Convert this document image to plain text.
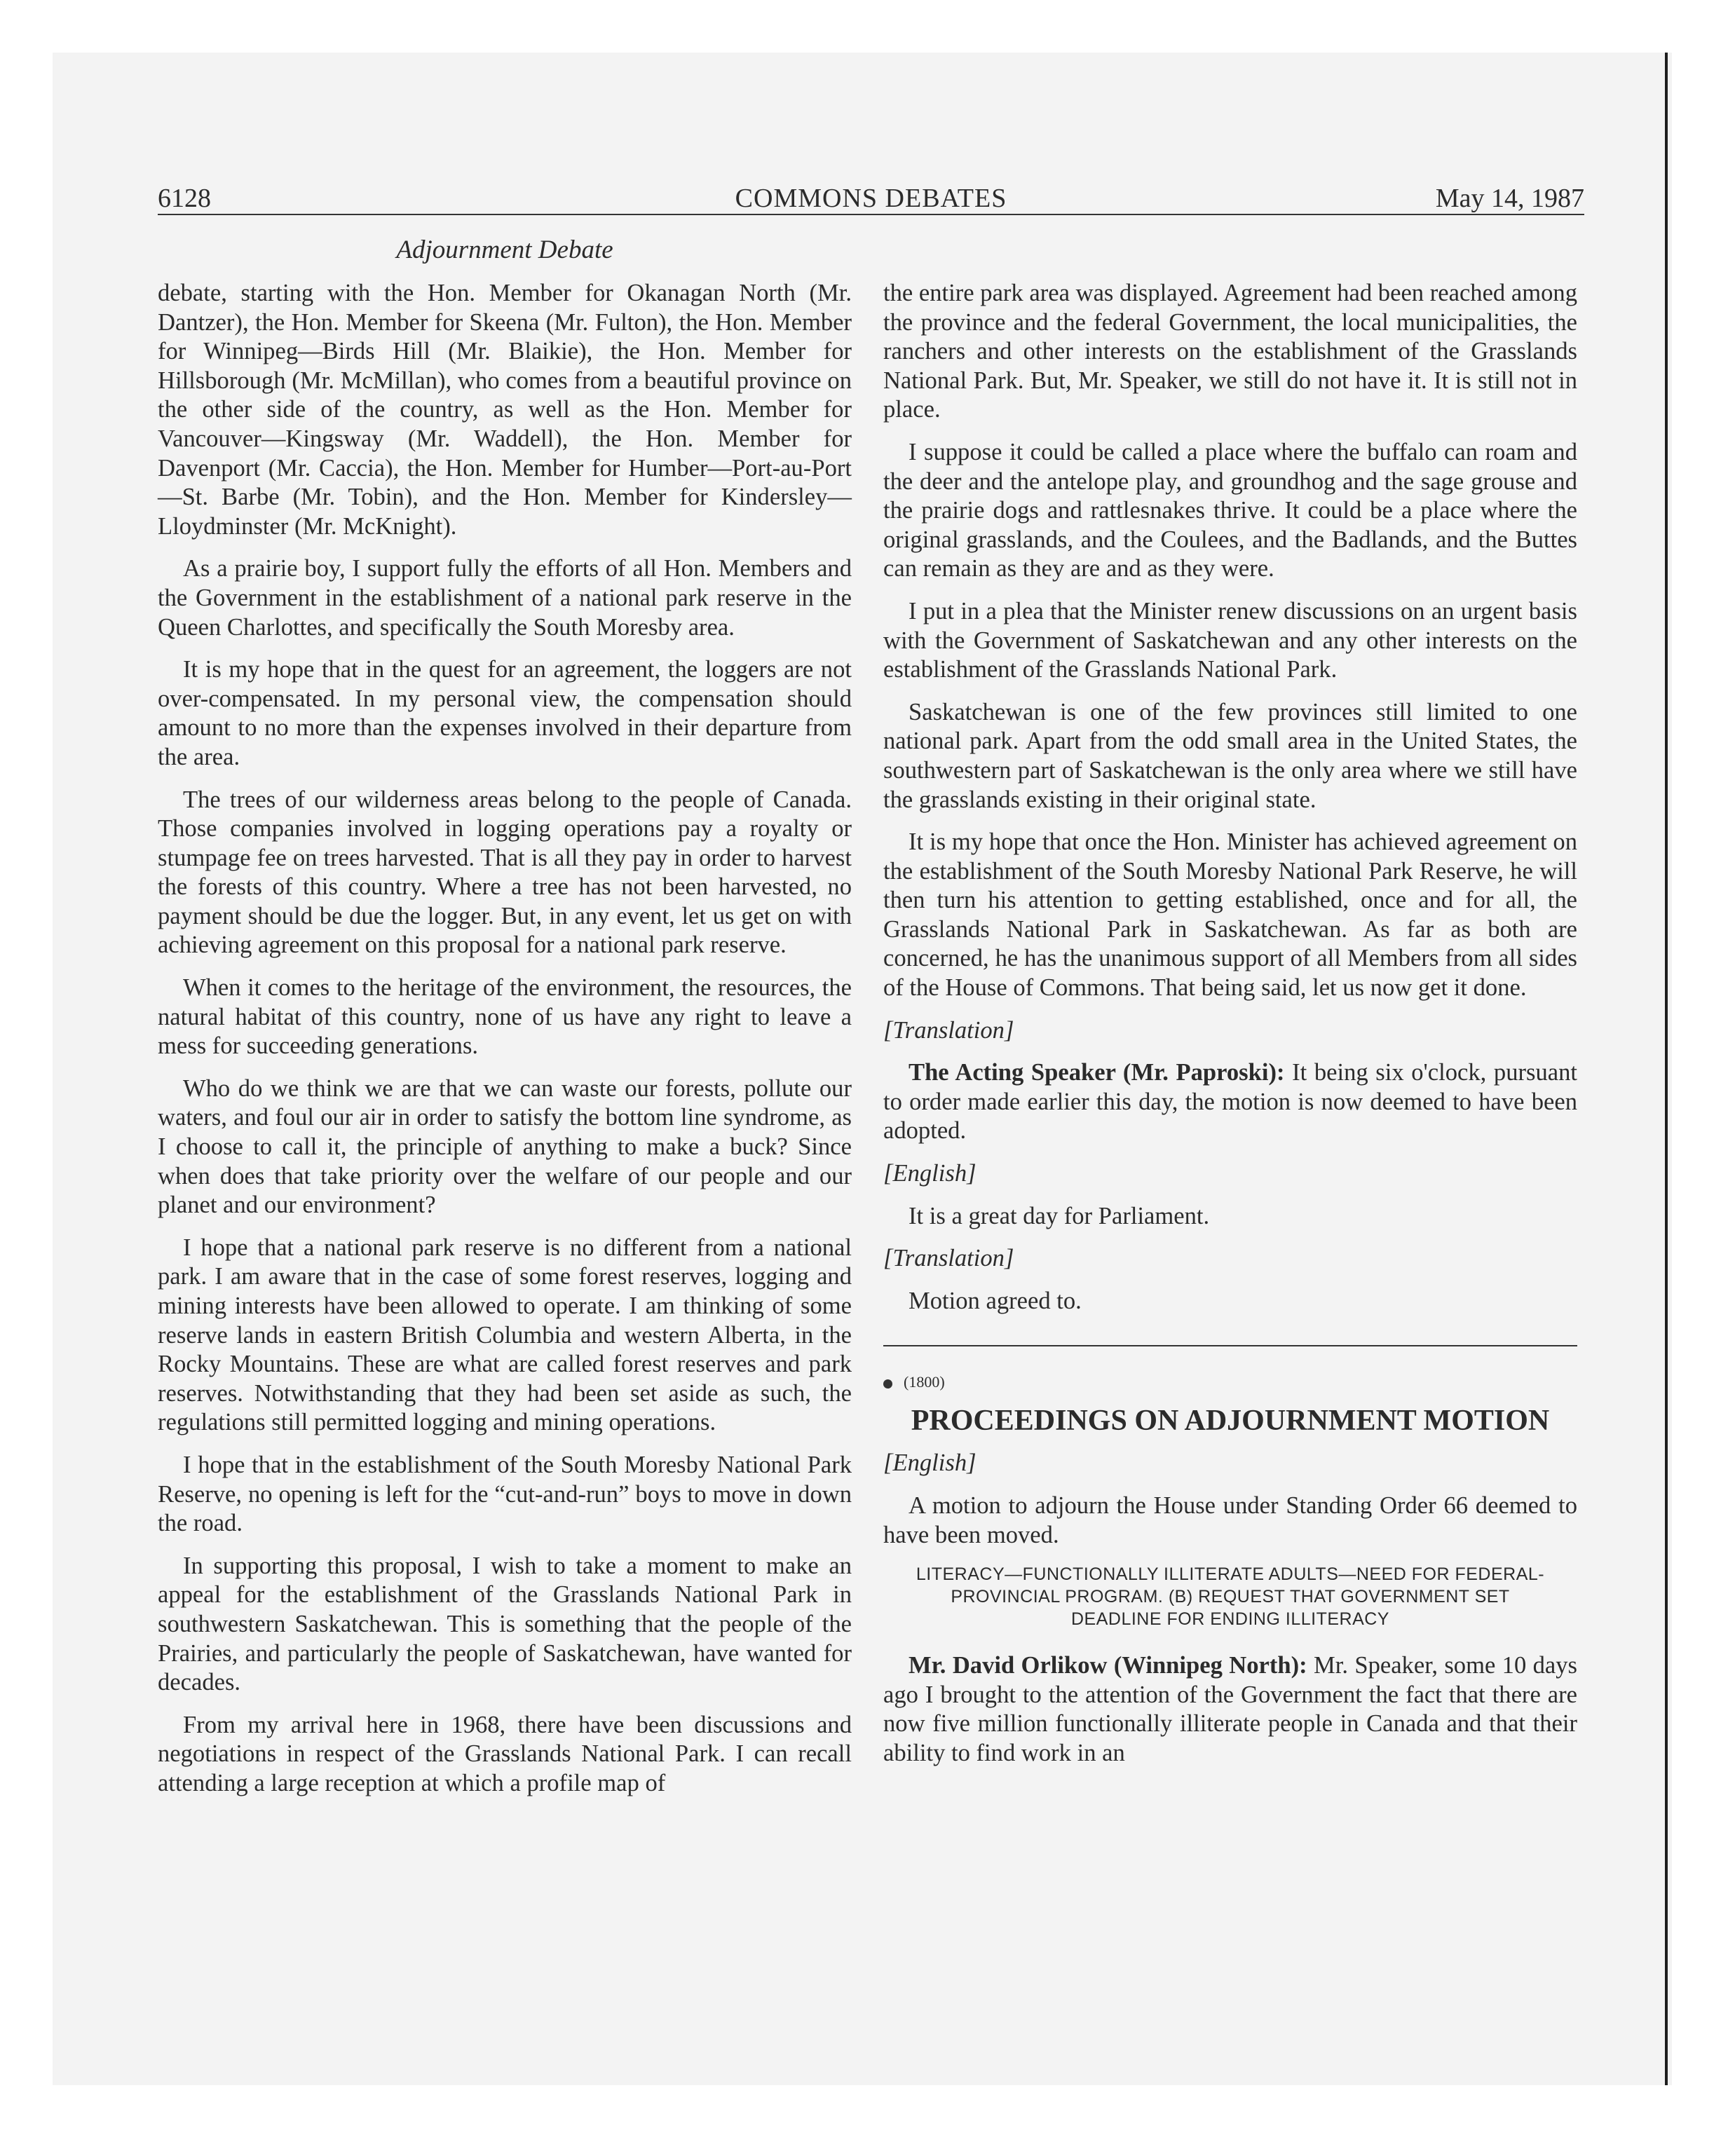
6128	COMMONS DEBATES	May 14, 1987
Adjournment Debate

debate, starting with the Hon. Member for Okanagan North (Mr. Dantzer), the Hon. Member for Skeena (Mr. Fulton), the Hon. Member for Winnipeg—Birds Hill (Mr. Blaikie), the Hon. Member for Hillsborough (Mr. McMillan), who comes from a beautiful province on the other side of the country, as well as the Hon. Member for Vancouver—Kingsway (Mr. Waddell), the Hon. Member for Davenport (Mr. Caccia), the Hon. Member for Humber—Port-au-Port—St. Barbe (Mr. Tobin), and the Hon. Member for Kindersley—Lloydminster (Mr. McKnight).

As a prairie boy, I support fully the efforts of all Hon. Members and the Government in the establishment of a national park reserve in the Queen Charlottes, and specifically the South Moresby area.

It is my hope that in the quest for an agreement, the loggers are not over-compensated. In my personal view, the compensation should amount to no more than the expenses involved in their departure from the area.

The trees of our wilderness areas belong to the people of Canada. Those companies involved in logging operations pay a royalty or stumpage fee on trees harvested. That is all they pay in order to harvest the forests of this country. Where a tree has not been harvested, no payment should be due the logger. But, in any event, let us get on with achieving agreement on this proposal for a national park reserve.

When it comes to the heritage of the environment, the resources, the natural habitat of this country, none of us have any right to leave a mess for succeeding generations.

Who do we think we are that we can waste our forests, pollute our waters, and foul our air in order to satisfy the bottom line syndrome, as I choose to call it, the principle of anything to make a buck? Since when does that take priority over the welfare of our people and our planet and our environment?

I hope that a national park reserve is no different from a national park. I am aware that in the case of some forest reserves, logging and mining interests have been allowed to operate. I am thinking of some reserve lands in eastern British Columbia and western Alberta, in the Rocky Mountains. These are what are called forest reserves and park reserves. Notwithstanding that they had been set aside as such, the regulations still permitted logging and mining operations.

I hope that in the establishment of the South Moresby National Park Reserve, no opening is left for the “cut-and-run” boys to move in down the road.

In supporting this proposal, I wish to take a moment to make an appeal for the establishment of the Grasslands National Park in southwestern Saskatchewan. This is something that the people of the Prairies, and particularly the people of Saskatchewan, have wanted for decades.

From my arrival here in 1968, there have been discussions and negotiations in respect of the Grasslands National Park. I can recall attending a large reception at which a profile map of

the entire park area was displayed. Agreement had been reached among the province and the federal Government, the local municipalities, the ranchers and other interests on the establishment of the Grasslands National Park. But, Mr. Speaker, we still do not have it. It is still not in place.

I suppose it could be called a place where the buffalo can roam and the deer and the antelope play, and groundhog and the sage grouse and the prairie dogs and rattlesnakes thrive. It could be a place where the original grasslands, and the Coulees, and the Badlands, and the Buttes can remain as they are and as they were.

I put in a plea that the Minister renew discussions on an urgent basis with the Government of Saskatchewan and any other interests on the establishment of the Grasslands National Park.

Saskatchewan is one of the few provinces still limited to one national park. Apart from the odd small area in the United States, the southwestern part of Saskatchewan is the only area where we still have the grasslands existing in their original state.

It is my hope that once the Hon. Minister has achieved agreement on the establishment of the South Moresby National Park Reserve, he will then turn his attention to getting established, once and for all, the Grasslands National Park in Saskatchewan. As far as both are concerned, he has the unanimous support of all Members from all sides of the House of Commons. That being said, let us now get it done.

[Translation]

The Acting Speaker (Mr. Paproski): It being six o'clock, pursuant to order made earlier this day, the motion is now deemed to have been adopted.

[English]

It is a great day for Parliament.

[Translation]

Motion agreed to.

(1800)
PROCEEDINGS ON ADJOURNMENT MOTION
[English]

A motion to adjourn the House under Standing Order 66 deemed to have been moved.

LITERACY—FUNCTIONALLY ILLITERATE ADULTS—NEED FOR FEDERAL-PROVINCIAL PROGRAM. (B) REQUEST THAT GOVERNMENT SET DEADLINE FOR ENDING ILLITERACY

Mr. David Orlikow (Winnipeg North): Mr. Speaker, some 10 days ago I brought to the attention of the Government the fact that there are now five million functionally illiterate people in Canada and that their ability to find work in an
